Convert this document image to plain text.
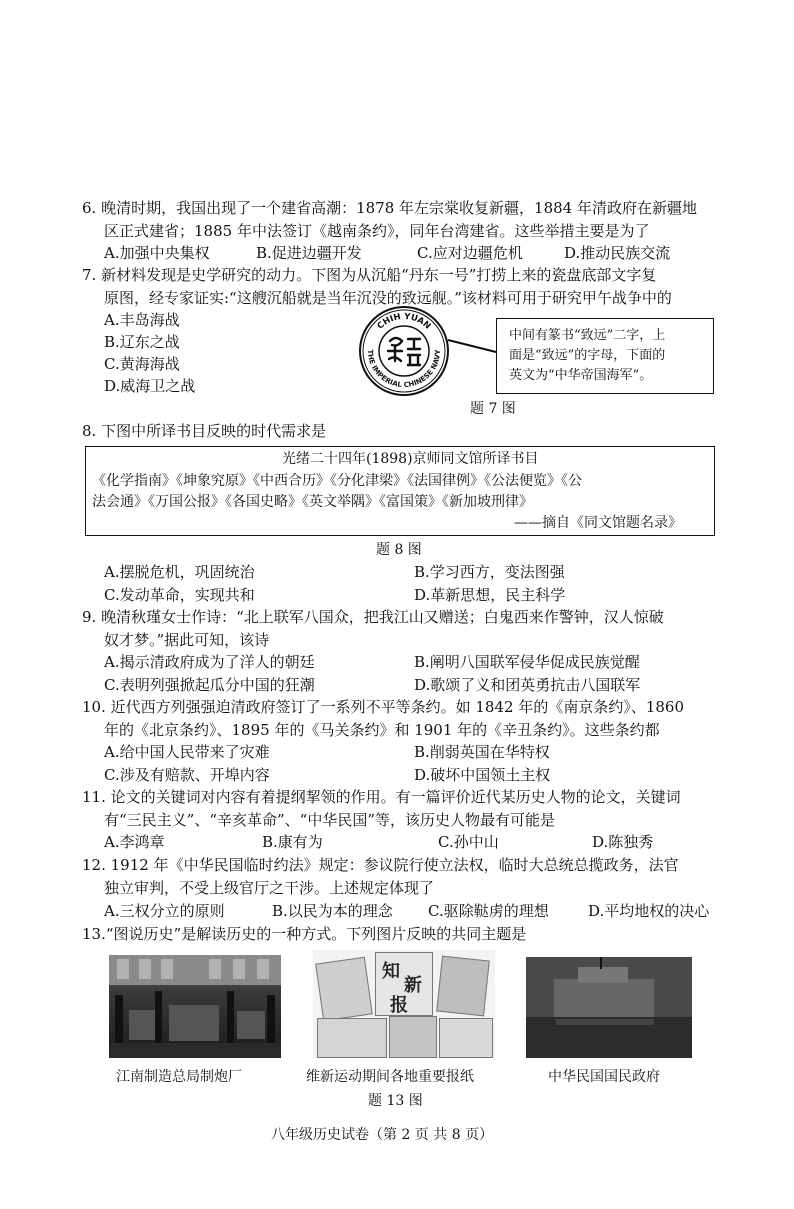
6. 晚清时期，我国出现了一个建省高潮：1878 年左宗棠收复新疆，1884 年清政府在新疆地
区正式建省；1885 年中法签订《越南条约》，同年台湾建省。这些举措主要是为了
A.加强中央集权	B.促进边疆开发	C.应对边疆危机	D.推动民族交流
7. 新材料发现是史学研究的动力。下图为从沉船“丹东一号”打捞上来的瓷盘底部文字复
原图，经专家证实:“这艘沉船就是当年沉没的致远舰。”该材料可用于研究甲午战争中的
A.丰岛海战
B.辽东之战
C.黄海海战
D.威海卫之战
CHIH YUAN
THE IMPERIAL CHINESE NAVY
中间有篆书“致远”二字，上
面是“致远”的字母，下面的
英文为“中华帝国海军”。
题 7 图
8. 下图中所译书目反映的时代需求是
光绪二十四年(1898)京师同文馆所译书目
《化学指南》《坤象究原》《中西合历》《分化津梁》《法国律例》《公法便览》《公
法会通》《万国公报》《各国史略》《英文举隅》《富国策》《新加坡刑律》
——摘自《同文馆题名录》
题 8 图
A.摆脱危机，巩固统治	B.学习西方，变法图强
C.发动革命，实现共和	D.革新思想，民主科学
9. 晚清秋瑾女士作诗：“北上联军八国众，把我江山又赠送；白鬼西来作警钟，汉人惊破
奴才梦。”据此可知，该诗
A.揭示清政府成为了洋人的朝廷	B.阐明八国联军侵华促成民族觉醒
C.表明列强掀起瓜分中国的狂潮	D.歌颂了义和团英勇抗击八国联军
10. 近代西方列强强迫清政府签订了一系列不平等条约。如 1842 年的《南京条约》、1860
年的《北京条约》、1895 年的《马关条约》和 1901 年的《辛丑条约》。这些条约都
A.给中国人民带来了灾难	B.削弱英国在华特权
C.涉及有赔款、开埠内容	D.破坏中国领土主权
11. 论文的关键词对内容有着提纲挈领的作用。有一篇评价近代某历史人物的论文，关键词
有“三民主义”、“辛亥革命”、“中华民国”等，该历史人物最有可能是
A.李鸿章	B.康有为	C.孙中山	D.陈独秀
12. 1912 年《中华民国临时约法》规定：参议院行使立法权，临时大总统总揽政务，法官
独立审判，不受上级官厅之干涉。上述规定体现了
A.三权分立的原则	B.以民为本的理念 C.驱除鞑虏的理想	D.平均地权的决心
13.“图说历史”是解读历史的一种方式。下列图片反映的共同主题是
知
新
报
江南制造总局制炮厂	维新运动期间各地重要报纸	中华民国国民政府
题 13 图
八年级历史试卷（第 2 页 共 8 页）
